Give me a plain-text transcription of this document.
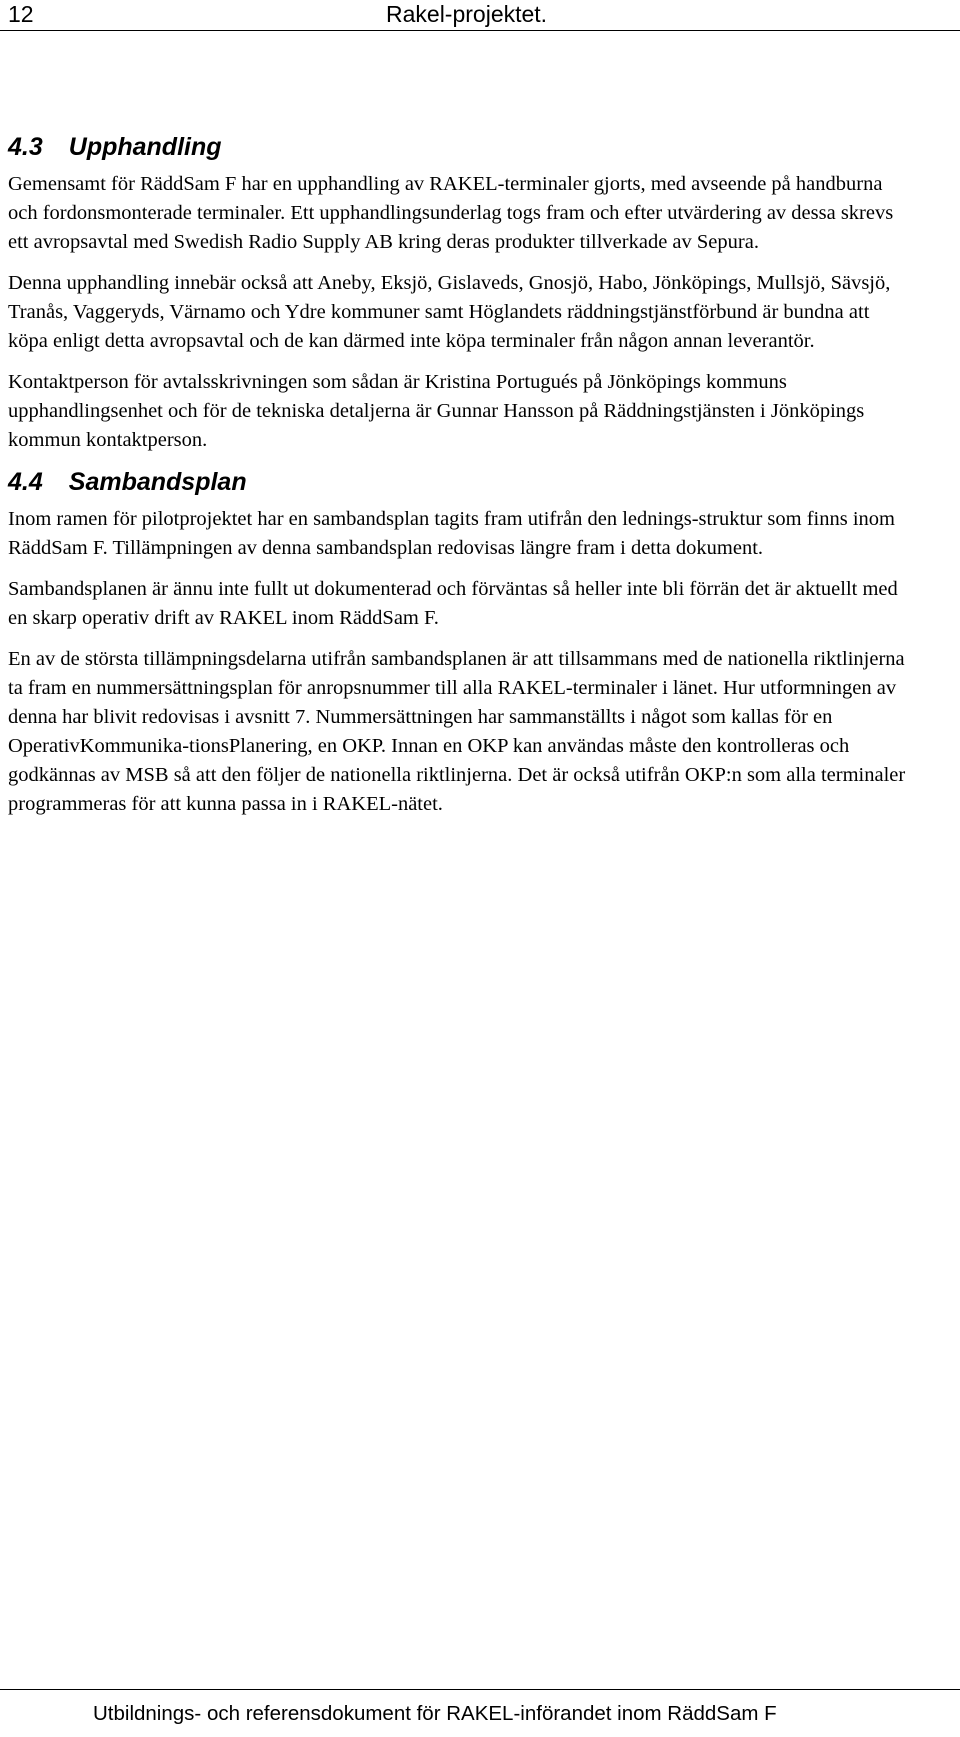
12	Rakel-projektet.
4.3 Upphandling

Gemensamt för RäddSam F har en upphandling av RAKEL-terminaler gjorts, med avseende på handburna och fordonsmonterade terminaler. Ett upphandlingsunderlag togs fram och efter utvärdering av dessa skrevs ett avropsavtal med Swedish Radio Supply AB kring deras produkter tillverkade av Sepura.

Denna upphandling innebär också att Aneby, Eksjö, Gislaveds, Gnosjö, Habo, Jönköpings, Mullsjö, Sävsjö, Tranås, Vaggeryds, Värnamo och Ydre kommuner samt Höglandets räddningstjänstförbund är bundna att köpa enligt detta avropsavtal och de kan därmed inte köpa terminaler från någon annan leverantör.

Kontaktperson för avtalsskrivningen som sådan är Kristina Portugués på Jönköpings kommuns upphandlingsenhet och för de tekniska detaljerna är Gunnar Hansson på Räddningstjänsten i Jönköpings kommun kontaktperson.

4.4 Sambandsplan

Inom ramen för pilotprojektet har en sambandsplan tagits fram utifrån den lednings-struktur som finns inom RäddSam F. Tillämpningen av denna sambandsplan redovisas längre fram i detta dokument.

Sambandsplanen är ännu inte fullt ut dokumenterad och förväntas så heller inte bli förrän det är aktuellt med en skarp operativ drift av RAKEL inom RäddSam F.

En av de största tillämpningsdelarna utifrån sambandsplanen är att tillsammans med de nationella riktlinjerna ta fram en nummersättningsplan för anropsnummer till alla RAKEL-terminaler i länet. Hur utformningen av denna har blivit redovisas i avsnitt 7. Nummersättningen har sammanställts i något som kallas för en OperativKommunika-tionsPlanering, en OKP. Innan en OKP kan användas måste den kontrolleras och godkännas av MSB så att den följer de nationella riktlinjerna. Det är också utifrån OKP:n som alla terminaler programmeras för att kunna passa in i RAKEL-nätet.

Utbildnings- och referensdokument för RAKEL-införandet inom RäddSam F
